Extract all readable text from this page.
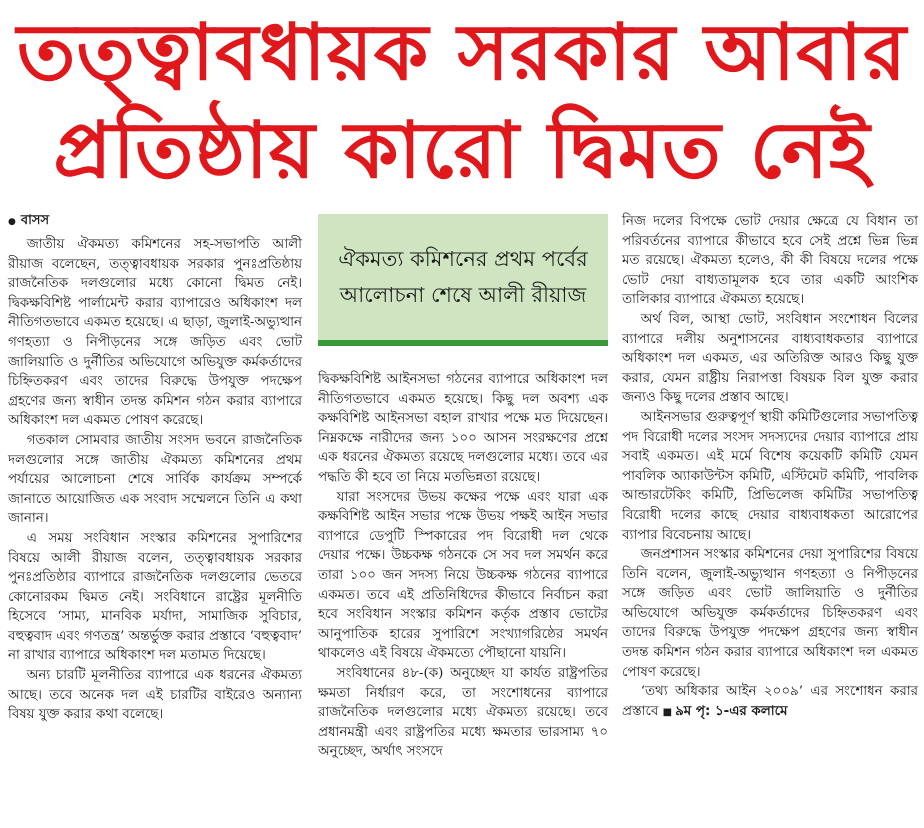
তত্ত্বাবধায়ক সরকার আবার
প্রতিষ্ঠায় কারো দ্বিমত নেই
● বাসস

জাতীয় ঐকমত্য কমিশনের সহ-সভাপতি আলী রীয়াজ বলেছেন, তত্ত্বাবধায়ক সরকার পুনঃপ্রতিষ্ঠায় রাজনৈতিক দলগুলোর মধ্যে কোনো দ্বিমত নেই। দ্বিকক্ষবিশিষ্ট পার্লামেন্ট করার ব্যাপারেও অধিকাংশ দল নীতিগতভাবে একমত হয়েছে। এ ছাড়া, জুলাই-অভ্যুত্থান গণহত্যা ও নিপীড়নের সঙ্গে জড়িত এবং ভোট জালিয়াতি ও দুর্নীতির অভিযোগে অভিযুক্ত কর্মকর্তাদের চিহ্নিতকরণ এবং তাদের বিরুদ্ধে উপযুক্ত পদক্ষেপ গ্রহণের জন্য স্বাধীন তদন্ত কমিশন গঠন করার ব্যাপারে অধিকাংশ দল একমত পোষণ করেছে।

গতকাল সোমবার জাতীয় সংসদ ভবনে রাজনৈতিক দলগুলোর সঙ্গে জাতীয় ঐকমত্য কমিশনের প্রথম পর্যায়ের আলোচনা শেষে সার্বিক কার্যক্রম সম্পর্কে জানাতে আয়োজিত এক সংবাদ সম্মেলনে তিনি এ কথা জানান।

এ সময় সংবিধান সংস্কার কমিশনের সুপারিশের বিষয়ে আলী রীয়াজ বলেন, তত্ত্বাবধায়ক সরকার পুনঃপ্রতিষ্ঠার ব্যাপারে রাজনৈতিক দলগুলোর ভেতরে কোনোরকম দ্বিমত নেই। সংবিধানে রাষ্ট্রের মূলনীতি হিসেবে ‘সাম্য, মানবিক মর্যাদা, সামাজিক সুবিচার, বহুত্ববাদ এবং গণতন্ত্র’ অন্তর্ভুক্ত করার প্রস্তাবে ‘বহুত্ববাদ’ না রাখার ব্যাপারে অধিকাংশ দল মতামত দিয়েছে।

অন্য চারটি মূলনীতির ব্যাপারে এক ধরনের ঐকমত্য আছে। তবে অনেক দল এই চারটির বাইরেও অন্যান্য বিষয় যুক্ত করার কথা বলেছে।

ঐকমত্য কমিশনের প্রথম পর্বের আলোচনা শেষে আলী রীয়াজ

দ্বিকক্ষবিশিষ্ট আইনসভা গঠনের ব্যাপারে অধিকাংশ দল নীতিগতভাবে একমত হয়েছে। কিছু দল অবশ্য এক কক্ষবিশিষ্ট আইনসভা বহাল রাখার পক্ষে মত দিয়েছেন। নিম্নকক্ষে নারীদের জন্য ১০০ আসন সংরক্ষণের প্রশ্নে এক ধরনের ঐকমত্য রয়েছে দলগুলোর মধ্যে। তবে এর পদ্ধতি কী হবে তা নিয়ে মতভিন্নতা রয়েছে।

যারা সংসদের উভয় কক্ষের পক্ষে এবং যারা এক কক্ষবিশিষ্ট আইন সভার পক্ষে উভয় পক্ষই আইন সভার ব্যাপারে ডেপুটি স্পিকারের পদ বিরোধী দল থেকে দেয়ার পক্ষে। উচ্চকক্ষ গঠনকে সে সব দল সমর্থন করে তারা ১০০ জন সদস্য নিয়ে উচ্চকক্ষ গঠনের ব্যাপারে একমত। তবে এই প্রতিনিধিদের কীভাবে নির্বাচন করা হবে সংবিধান সংস্কার কমিশন কর্তৃক প্রস্তাব ভোটের আনুপাতিক হারের সুপারিশে সংখ্যাগরিষ্ঠের সমর্থন থাকলেও এই বিষয়ে ঐকমত্যে পৌছানো যায়নি।

সংবিধানের ৪৮-(ক) অনুচ্ছেদ যা কার্যত রাষ্ট্রপতির ক্ষমতা নির্ধারণ করে, তা সংশোধনের ব্যাপারে রাজনৈতিক দলগুলোর মধ্যে ঐকমত্য রয়েছে। তবে প্রধানমন্ত্রী এবং রাষ্ট্রপতির মধ্যে ক্ষমতার ভারসাম্য ৭০ অনুচ্ছেদ, অর্থাৎ সংসদে

নিজ দলের বিপক্ষে ভোট দেয়ার ক্ষেত্রে যে বিধান তা পরিবর্তনের ব্যাপারে কীভাবে হবে সেই প্রশ্নে ভিন্ন ভিন্ন মত রয়েছে। ঐকমত্য হলেও, কী কী বিষয়ে দলের পক্ষে ভোট দেয়া বাধ্যতামূলক হবে তার একটি আংশিক তালিকার ব্যাপারে ঐকমত্য হয়েছে।

অর্থ বিল, আস্থা ভোট, সংবিধান সংশোধন বিলের ব্যাপারে দলীয় অনুশাসনের বাধ্যবাধকতার ব্যাপারে অধিকাংশ দল একমত, এর অতিরিক্ত আরও কিছু যুক্ত করার, যেমন রাষ্ট্রীয় নিরাপত্তা বিষয়ক বিল যুক্ত করার জন্যও কিছু দলের প্রস্তাব আছে।

আইনসভার গুরুত্বপূর্ণ স্থায়ী কমিটিগুলোর সভাপতিত্ব পদ বিরোধী দলের সংসদ সদস্যদের দেয়ার ব্যাপারে প্রায় সবাই একমত। এই মর্মে বিশেষ কয়েকটি কমিটি যেমন পাবলিক অ্যাকাউন্টস কমিটি, এস্টিমেট কমিটি, পাবলিক আন্ডারটেকিং কমিটি, প্রিভিলেজ কমিটির সভাপতিত্ব বিরোধী দলের কাছে দেয়ার বাধ্যবাধকতা আরোপের ব্যাপার বিবেচনায় আছে।

জনপ্রশাসন সংস্কার কমিশনের দেয়া সুপারিশের বিষয়ে তিনি বলেন, জুলাই-অভ্যুত্থান গণহত্যা ও নিপীড়নের সঙ্গে জড়িত এবং ভোট জালিয়াতি ও দুর্নীতির অভিযোগে অভিযুক্ত কর্মকর্তাদের চিহ্নিতকরণ এবং তাদের বিরুদ্ধে উপযুক্ত পদক্ষেপ গ্রহণের জন্য স্বাধীন তদন্ত কমিশন গঠন করার ব্যাপারে অধিকাংশ দল একমত পোষণ করেছে।

‘তথ্য অধিকার আইন ২০০৯’ এর সংশোধন করার প্রস্তাবে ■ ৯ম পৃ: ১-এর কলামে
